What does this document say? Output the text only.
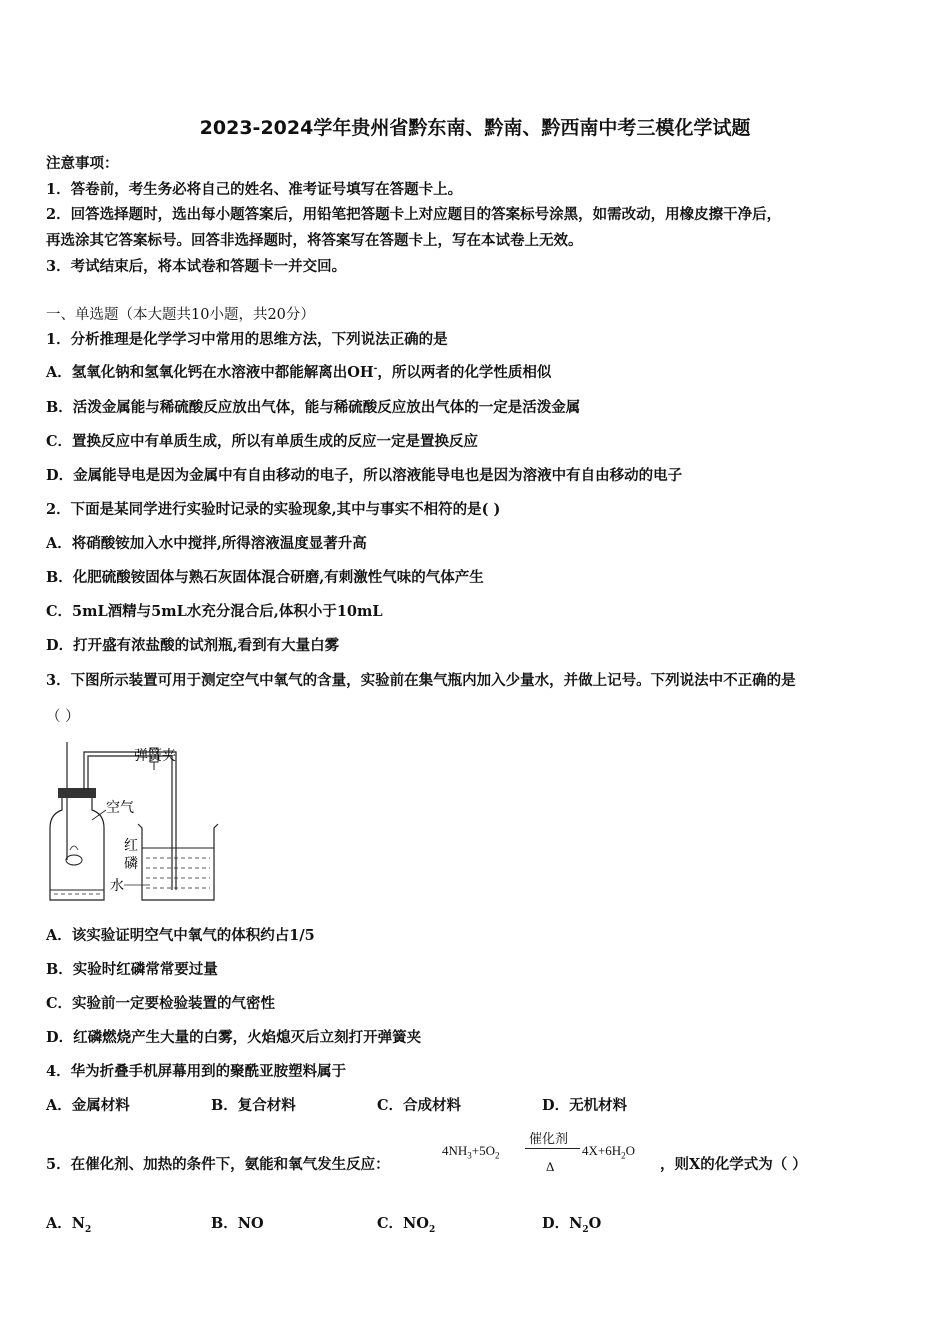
2023-2024学年贵州省黔东南、黔南、黔西南中考三模化学试题
注意事项：
1．答卷前，考生务必将自己的姓名、准考证号填写在答题卡上。
2．回答选择题时，选出每小题答案后，用铅笔把答题卡上对应题目的答案标号涂黑，如需改动，用橡皮擦干净后，
再选涂其它答案标号。回答非选择题时，将答案写在答题卡上，写在本试卷上无效。
3．考试结束后，将本试卷和答题卡一并交回。
一、单选题（本大题共10小题，共20分）
1．分析推理是化学学习中常用的思维方法，下列说法正确的是
A．氢氧化钠和氢氧化钙在水溶液中都能解离出OH-，所以两者的化学性质相似
B．活泼金属能与稀硫酸反应放出气体，能与稀硫酸反应放出气体的一定是活泼金属
C．置换反应中有单质生成，所以有单质生成的反应一定是置换反应
D．金属能导电是因为金属中有自由移动的电子，所以溶液能导电也是因为溶液中有自由移动的电子
2．下面是某同学进行实验时记录的实验现象,其中与事实不相符的是( )
A．将硝酸铵加入水中搅拌,所得溶液温度显著升高
B．化肥硫酸铵固体与熟石灰固体混合研磨,有刺激性气味的气体产生
C．5mL酒精与5mL水充分混合后,体积小于10mL
D．打开盛有浓盐酸的试剂瓶,看到有大量白雾
3．下图所示装置可用于测定空气中氧气的含量，实验前在集气瓶内加入少量水，并做上记号。下列说法中不正确的是
（ ）
弹簧夹
空气
红
磷
水
A．该实验证明空气中氧气的体积约占1/5
B．实验时红磷常常要过量
C．实验前一定要检验装置的气密性
D．红磷燃烧产生大量的白雾，火焰熄灭后立刻打开弹簧夹
4．华为折叠手机屏幕用到的聚酰亚胺塑料属于
A．金属材料	B．复合材料	C．合成材料	D．无机材料
5．在催化剂、加热的条件下，氨能和氧气发生反应：
$4NH_3+5O_2$
催化剂
Δ
$4X+6H_2O$
，则X的化学式为（ ）
A．$N_2$	B．NO	C．$NO_2$	D．$N_2O$
